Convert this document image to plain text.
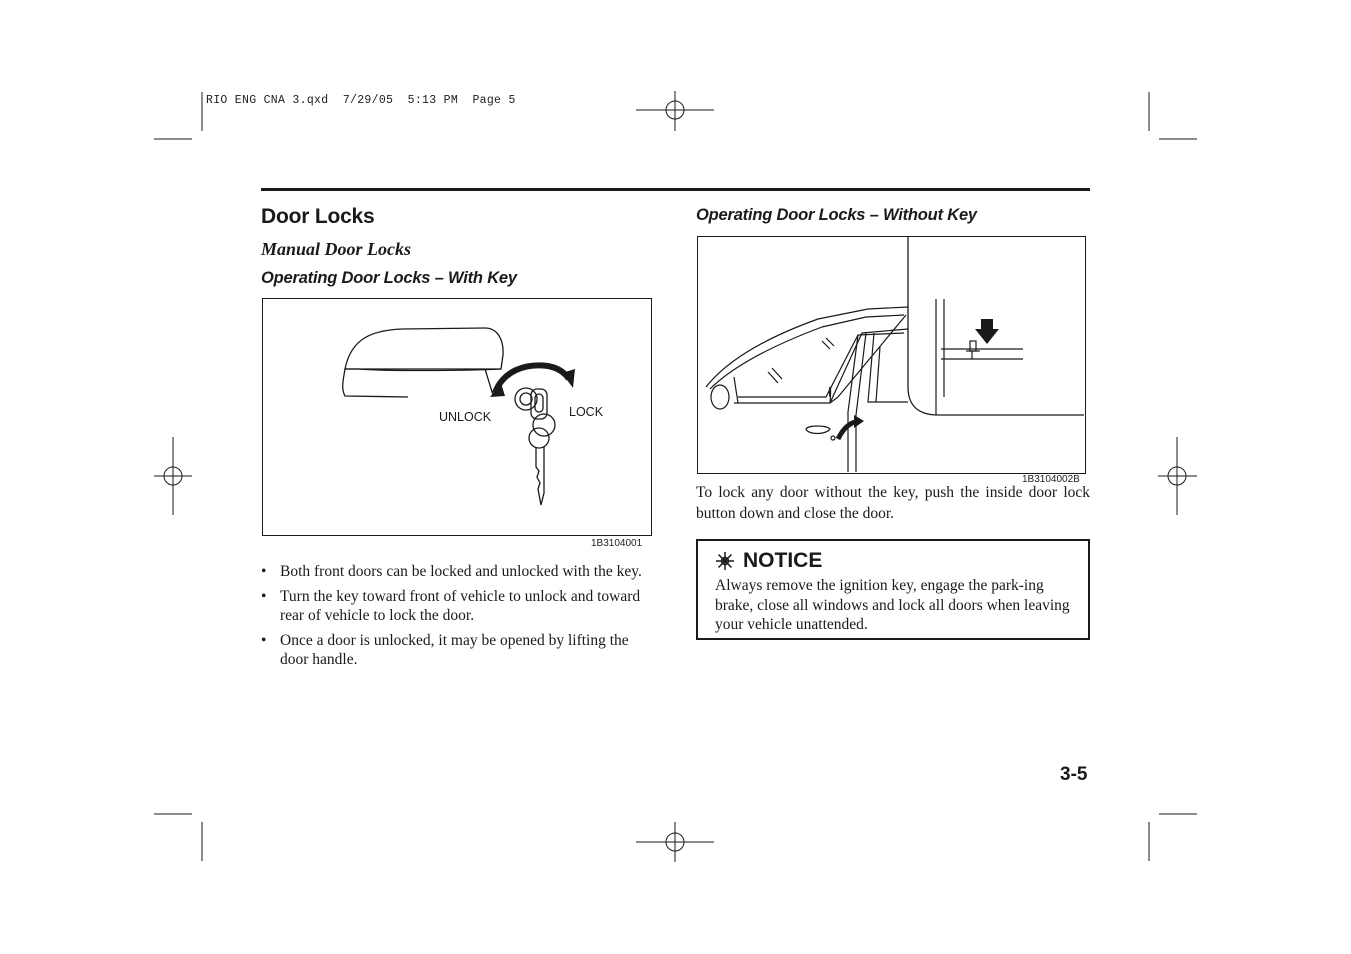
RIO ENG CNA 3.qxd  7/29/05  5:13 PM  Page 5
Door Locks
Manual Door Locks
Operating Door Locks – With Key
UNLOCK	LOCK
1B3104001
• Both front doors can be locked and unlocked with the key.
• Turn the key toward front of vehicle to unlock and toward rear of vehicle to lock the door.
• Once a door is unlocked, it may be opened by lifting the door handle.
Operating Door Locks – Without Key
1B3104002B
To lock any door without the key, push the inside door lock button down and close the door.
NOTICE
Always remove the ignition key, engage the park-ing brake, close all windows and lock all doors when leaving your vehicle unattended.
3-5
